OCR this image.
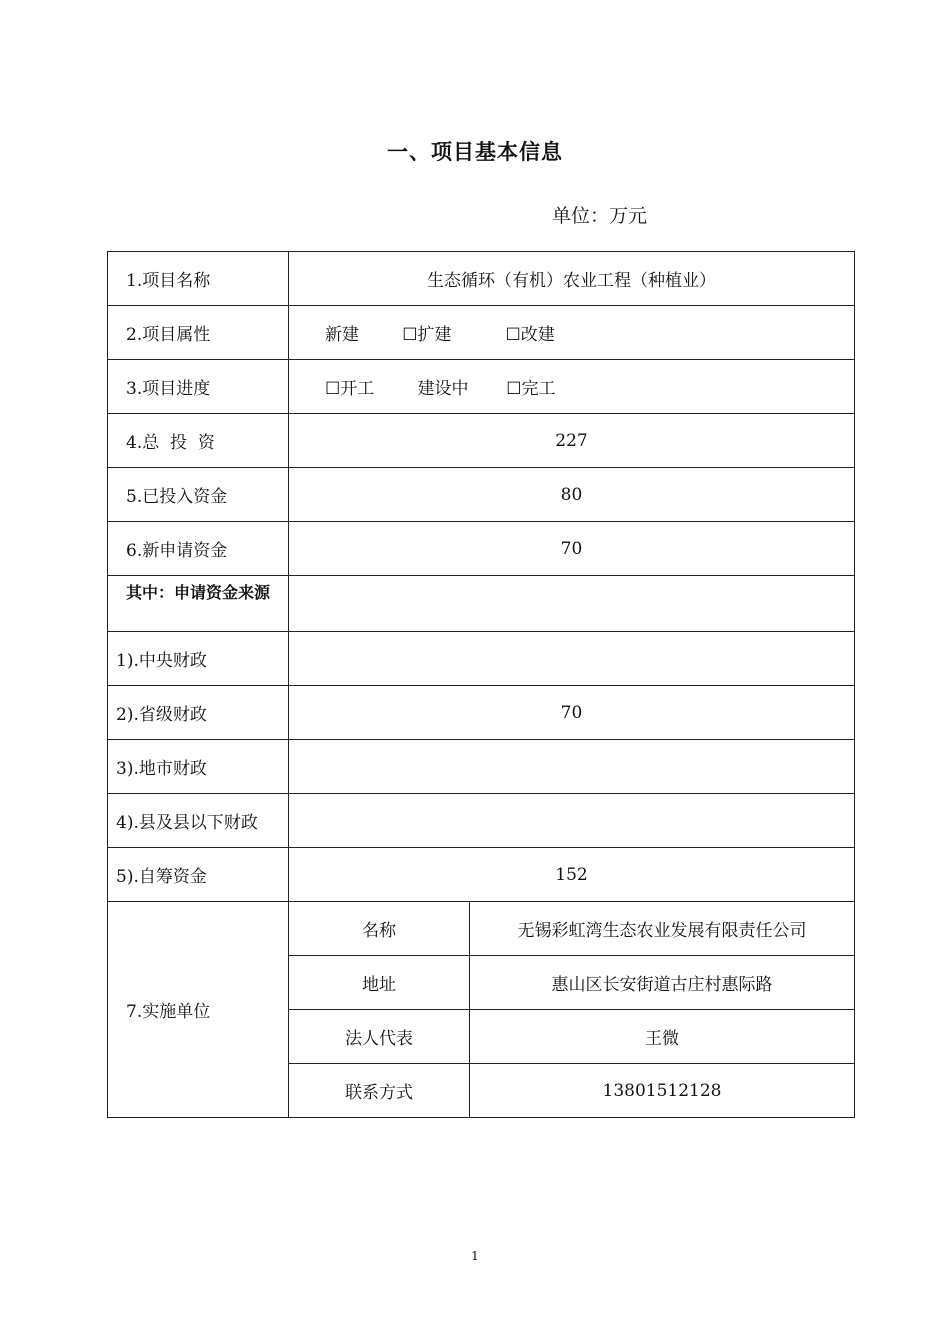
一、项目基本信息
单位：万元
1.项目名称	生态循环（有机）农业工程（种植业）	
2.项目属性	新建        ☐扩建          ☐改建	
3.项目进度	☐开工        建设中       ☐完工	
4.总  投  资	227	
5.已投入资金	80	
6.新申请资金	70	

其中：申请资金来源		

1).中央财政		
2).省级财政	70	
3).地市财政		
4).县及县以下财政		
5).自筹资金	152	
7.实施单位	名称	无锡彩虹湾生态农业发展有限责任公司
	地址	惠山区长安街道古庄村惠际路
	法人代表	王微
	联系方式	13801512128
1
